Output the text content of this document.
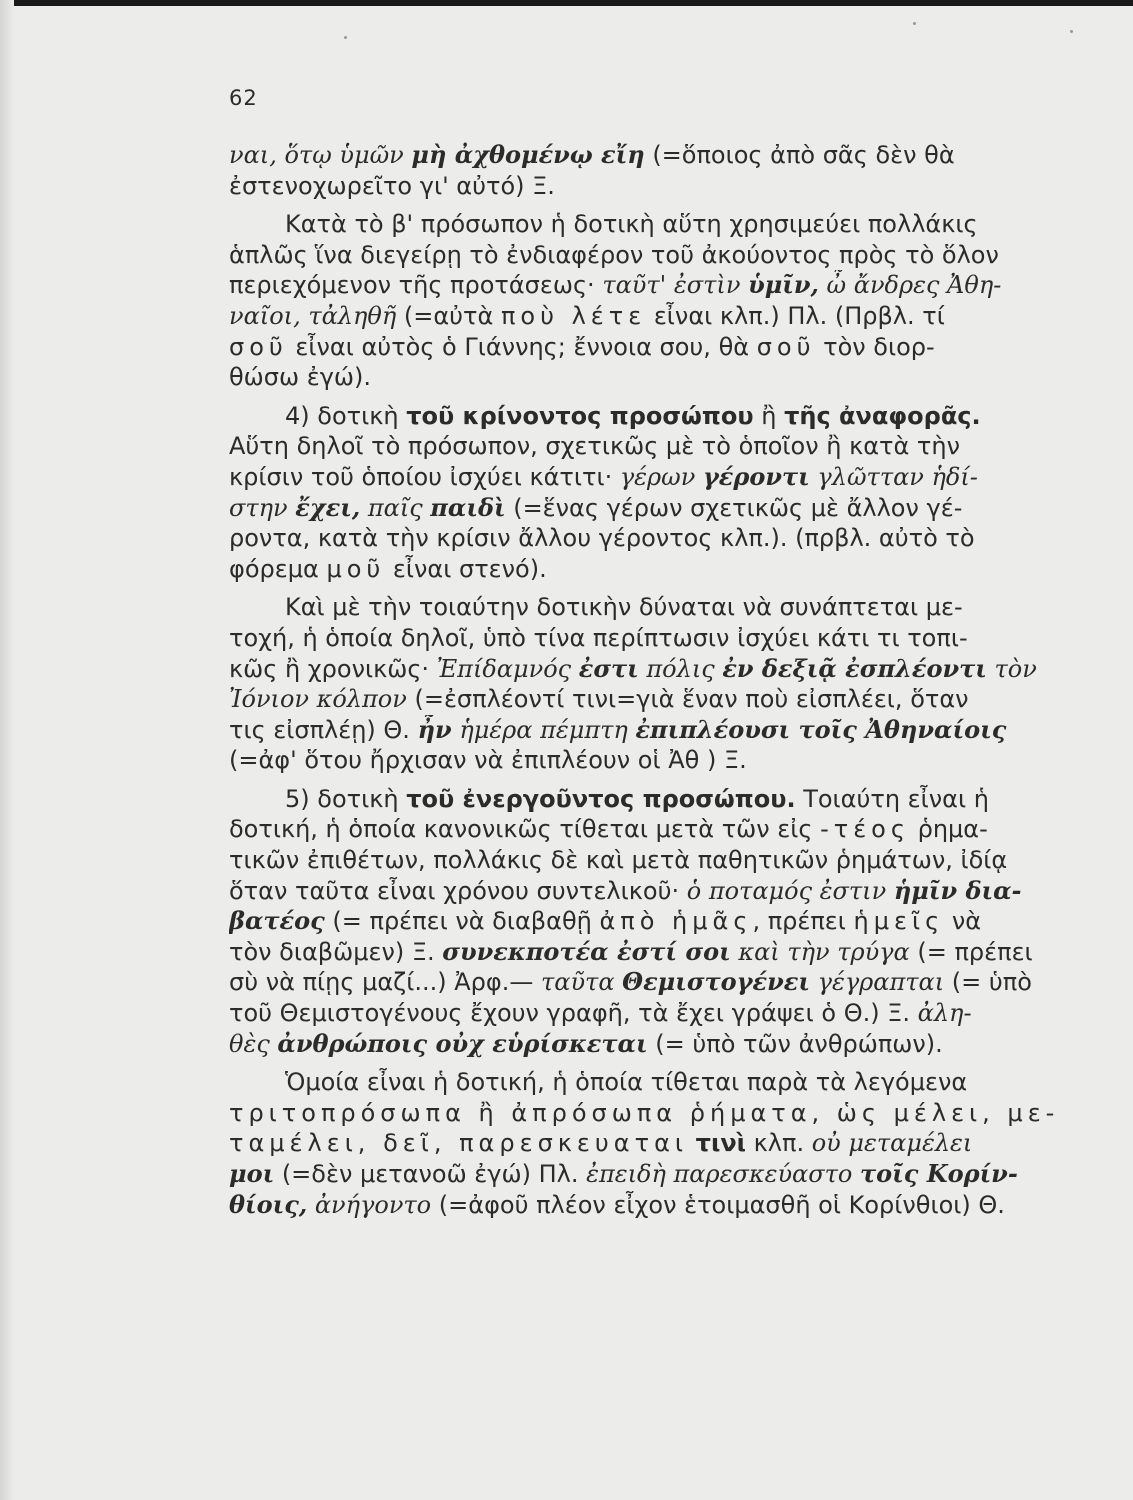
62
ναι, ὅτῳ ὑμῶν μὴ ἀχθομένῳ εἴη (=ὅποιος ἀπὸ σᾶς δὲν θὰ
ἐστενοχωρεῖτο γι' αὐτό) Ξ.
Κατὰ τὸ β' πρόσωπον ἡ δοτικὴ αὕτη χρησιμεύει πολλάκις
ἁπλῶς ἵνα διεγείρῃ τὸ ἐνδιαφέρον τοῦ ἀκούοντος πρὸς τὸ ὅλον
περιεχόμενον τῆς προτάσεως· ταῦτ' ἐστὶν ὑμῖν, ὦ ἄνδρες Ἀθη-
ναῖοι, τἀληθῆ (=αὐτὰ ποὺ λέτε εἶναι κλπ.) Πλ. (Πρβλ. τί
σοῦ εἶναι αὐτὸς ὁ Γιάννης; ἔννοια σου, θὰ σοῦ τὸν διορ-
θώσω ἐγώ).
4) δοτικὴ τοῦ κρίνοντος προσώπου ἢ τῆς ἀναφορᾶς.
Αὕτη δηλοῖ τὸ πρόσωπον, σχετικῶς μὲ τὸ ὁποῖον ἢ κατὰ τὴν
κρίσιν τοῦ ὁποίου ἰσχύει κάτιτι· γέρων γέροντι γλῶτταν ἡδί-
στην ἔχει, παῖς παιδὶ (=ἕνας γέρων σχετικῶς μὲ ἄλλον γέ-
ροντα, κατὰ τὴν κρίσιν ἄλλου γέροντος κλπ.). (πρβλ. αὐτὸ τὸ
φόρεμα μοῦ εἶναι στενό).
Καὶ μὲ τὴν τοιαύτην δοτικὴν δύναται νὰ συνάπτεται με-
τοχή, ἡ ὁποία δηλοῖ, ὑπὸ τίνα περίπτωσιν ἰσχύει κάτι τι τοπι-
κῶς ἢ χρονικῶς· Ἐπίδαμνός ἐστι πόλις ἐν δεξιᾷ ἐσπλέοντι τὸν
Ἰόνιον κόλπον (=ἐσπλέοντί τινι=γιὰ ἕναν ποὺ εἰσπλέει, ὅταν
τις εἰσπλέῃ) Θ. ἦν ἡμέρα πέμπτη ἐπιπλέουσι τοῖς Ἀθηναίοις
(=ἀφ' ὅτου ἤρχισαν νὰ ἐπιπλέουν οἱ Ἀθ ) Ξ.
5) δοτικὴ τοῦ ἐνεργοῦντος προσώπου. Τοιαύτη εἶναι ἡ
δοτική, ἡ ὁποία κανονικῶς τίθεται μετὰ τῶν εἰς -τέος ῥημα-
τικῶν ἐπιθέτων, πολλάκις δὲ καὶ μετὰ παθητικῶν ῥημάτων, ἰδίᾳ
ὅταν ταῦτα εἶναι χρόνου συντελικοῦ· ὁ ποταμός ἐστιν ἡμῖν δια-
βατέος (= πρέπει νὰ διαβαθῇ ἀπὸ ἡμᾶς, πρέπει ἡμεῖς νὰ
τὸν διαβῶμεν) Ξ. συνεκποτέα ἐστί σοι καὶ τὴν τρύγα (= πρέπει
σὺ νὰ πίῃς μαζί...) Ἀρφ.— ταῦτα Θεμιστογένει γέγραπται (= ὑπὸ
τοῦ Θεμιστογένους ἔχουν γραφῆ, τὰ ἔχει γράψει ὁ Θ.) Ξ. ἀλη-
θὲς ἀνθρώποις οὐχ εὑρίσκεται (= ὑπὸ τῶν ἀνθρώπων).
Ὁμοία εἶναι ἡ δοτική, ἡ ὁποία τίθεται παρὰ τὰ λεγόμενα
τριτοπρόσωπα ἢ ἀπρόσωπα ῥήματα, ὡς μέλει, με-
ταμέλει, δεῖ, παρεσκευαται τινὶ κλπ. οὐ μεταμέλει
μοι (=δὲν μετανοῶ ἐγώ) Πλ. ἐπειδὴ παρεσκεύαστο τοῖς Κορίν-
θίοις, ἀνήγοντο (=ἀφοῦ πλέον εἶχον ἑτοιμασθῆ οἱ Κορίνθιοι) Θ.
